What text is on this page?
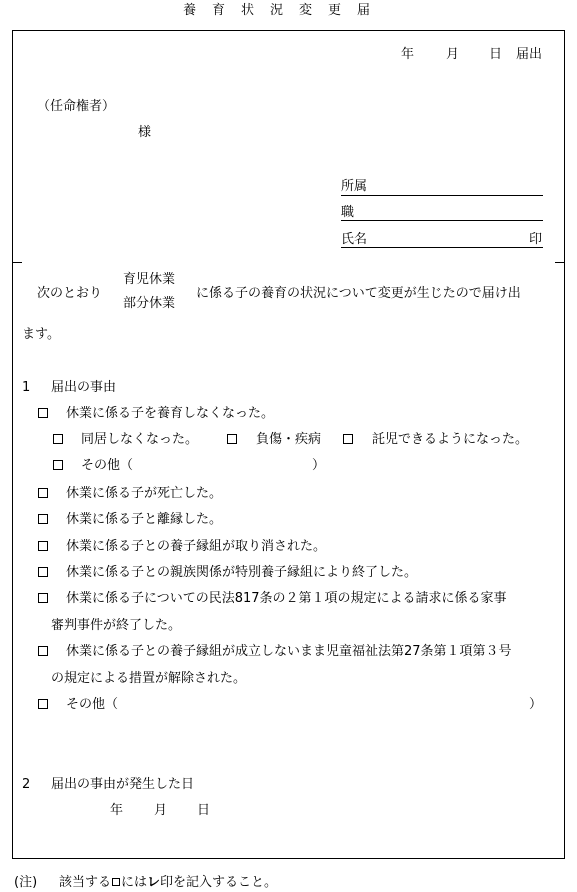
養育状況変更届
年 月 日 届出
（任命権者）
様
所属
職
氏名	印
次のとおり
育児休業
部分休業
に係る子の養育の状況について変更が生じたので届け出
ます。
1 届出の事由
休業に係る子を養育しなくなった。
同居しなくなった。	負傷・疾病	託児できるようになった。
その他（	）
休業に係る子が死亡した。
休業に係る子と離縁した。
休業に係る子との養子縁組が取り消された。
休業に係る子との親族関係が特別養子縁組により終了した。
休業に係る子についての民法817条の２第１項の規定による請求に係る家事
審判事件が終了した。
休業に係る子との養子縁組が成立しないまま児童福祉法第27条第１項第３号
の規定による措置が解除された。
その他（	）
2 届出の事由が発生した日
年 月 日
(注) 該当する にはレ印を記入すること。
